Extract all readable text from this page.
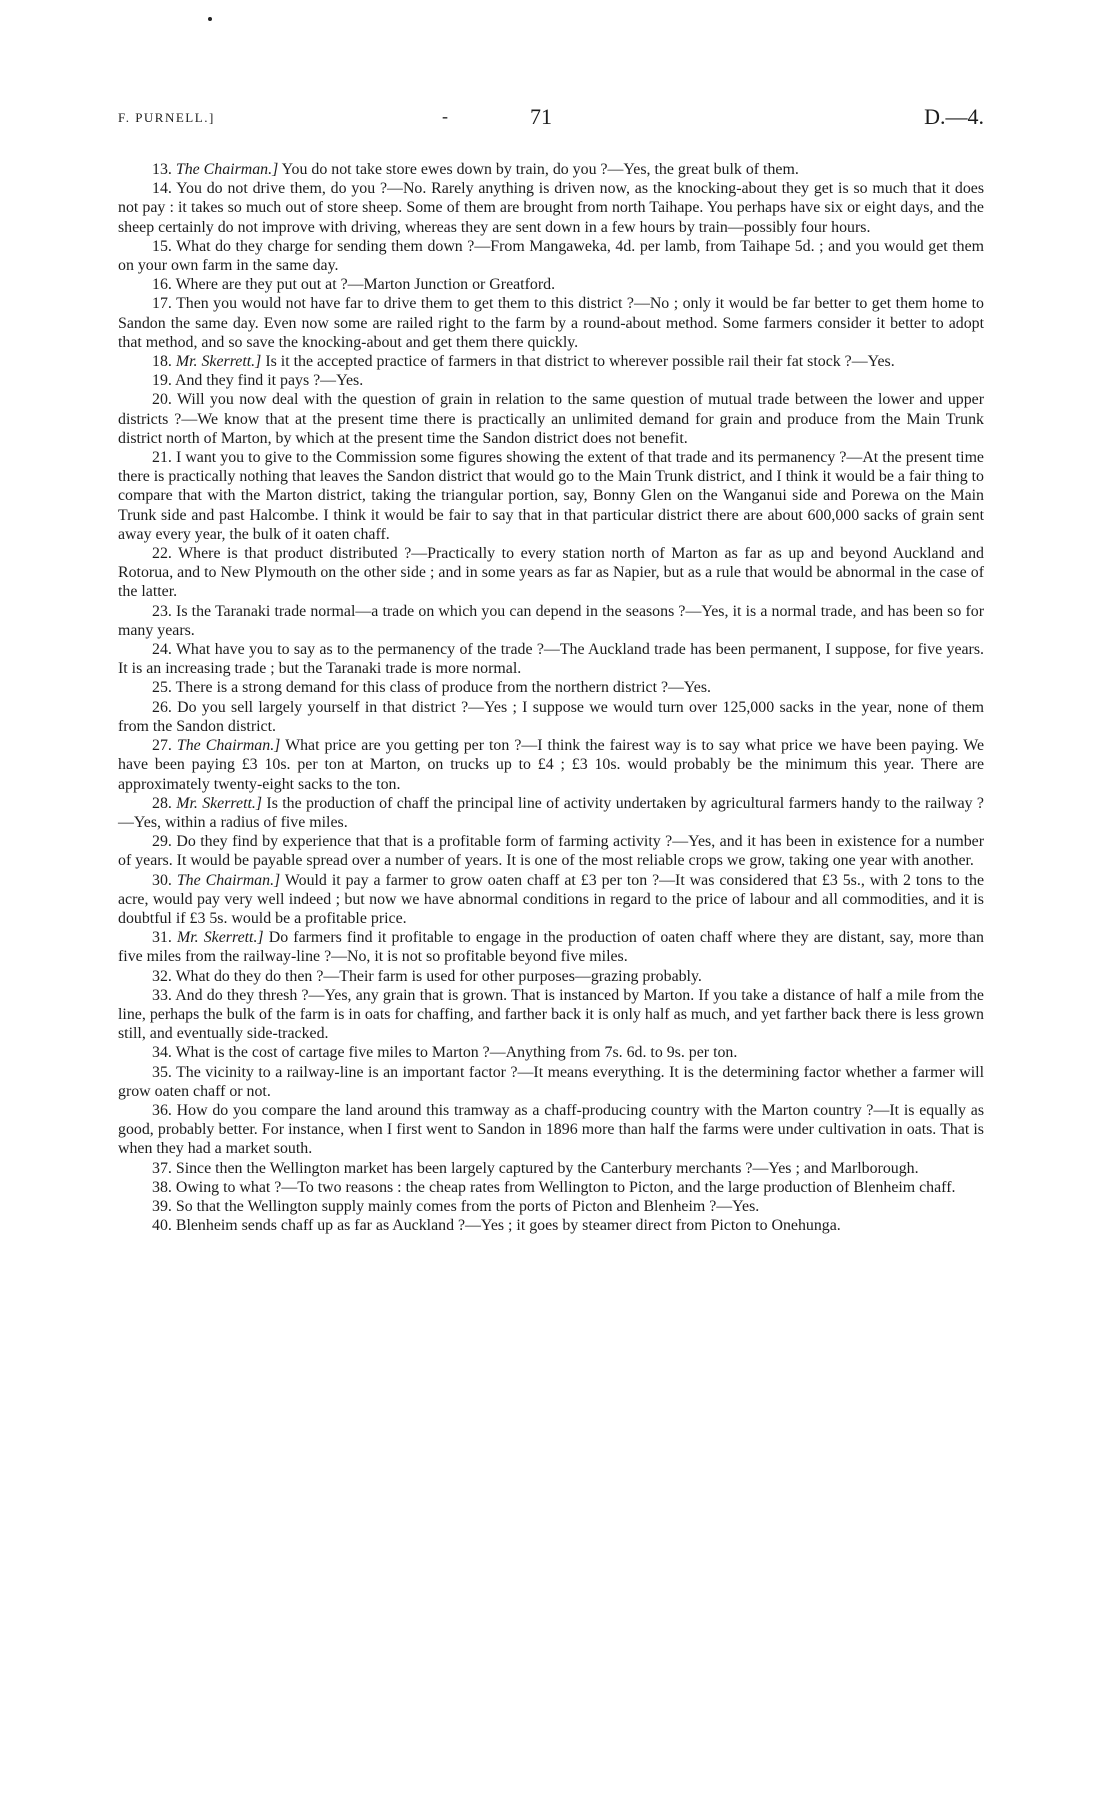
F. PURNELL.]	-	71	D.—4.

13. The Chairman.] You do not take store ewes down by train, do you ?—Yes, the great bulk of them.

14. You do not drive them, do you ?—No. Rarely anything is driven now, as the knocking-about they get is so much that it does not pay : it takes so much out of store sheep. Some of them are brought from north Taihape. You perhaps have six or eight days, and the sheep certainly do not improve with driving, whereas they are sent down in a few hours by train—possibly four hours.

15. What do they charge for sending them down ?—From Mangaweka, 4d. per lamb, from Taihape 5d. ; and you would get them on your own farm in the same day.

16. Where are they put out at ?—Marton Junction or Greatford.

17. Then you would not have far to drive them to get them to this district ?—No ; only it would be far better to get them home to Sandon the same day. Even now some are railed right to the farm by a round-about method. Some farmers consider it better to adopt that method, and so save the knocking-about and get them there quickly.

18. Mr. Skerrett.] Is it the accepted practice of farmers in that district to wherever possible rail their fat stock ?—Yes.

19. And they find it pays ?—Yes.

20. Will you now deal with the question of grain in relation to the same question of mutual trade between the lower and upper districts ?—We know that at the present time there is practically an unlimited demand for grain and produce from the Main Trunk district north of Marton, by which at the present time the Sandon district does not benefit.

21. I want you to give to the Commission some figures showing the extent of that trade and its permanency ?—At the present time there is practically nothing that leaves the Sandon district that would go to the Main Trunk district, and I think it would be a fair thing to compare that with the Marton district, taking the triangular portion, say, Bonny Glen on the Wanganui side and Porewa on the Main Trunk side and past Halcombe. I think it would be fair to say that in that particular district there are about 600,000 sacks of grain sent away every year, the bulk of it oaten chaff.

22. Where is that product distributed ?—Practically to every station north of Marton as far as up and beyond Auckland and Rotorua, and to New Plymouth on the other side ; and in some years as far as Napier, but as a rule that would be abnormal in the case of the latter.

23. Is the Taranaki trade normal—a trade on which you can depend in the seasons ?—Yes, it is a normal trade, and has been so for many years.

24. What have you to say as to the permanency of the trade ?—The Auckland trade has been permanent, I suppose, for five years. It is an increasing trade ; but the Taranaki trade is more normal.

25. There is a strong demand for this class of produce from the northern district ?—Yes.

26. Do you sell largely yourself in that district ?—Yes ; I suppose we would turn over 125,000 sacks in the year, none of them from the Sandon district.

27. The Chairman.] What price are you getting per ton ?—I think the fairest way is to say what price we have been paying. We have been paying £3 10s. per ton at Marton, on trucks up to £4 ; £3 10s. would probably be the minimum this year. There are approximately twenty-eight sacks to the ton.

28. Mr. Skerrett.] Is the production of chaff the principal line of activity undertaken by agricultural farmers handy to the railway ?—Yes, within a radius of five miles.

29. Do they find by experience that that is a profitable form of farming activity ?—Yes, and it has been in existence for a number of years. It would be payable spread over a number of years. It is one of the most reliable crops we grow, taking one year with another.

30. The Chairman.] Would it pay a farmer to grow oaten chaff at £3 per ton ?—It was considered that £3 5s., with 2 tons to the acre, would pay very well indeed ; but now we have abnormal conditions in regard to the price of labour and all commodities, and it is doubtful if £3 5s. would be a profitable price.

31. Mr. Skerrett.] Do farmers find it profitable to engage in the production of oaten chaff where they are distant, say, more than five miles from the railway-line ?—No, it is not so profitable beyond five miles.

32. What do they do then ?—Their farm is used for other purposes—grazing probably.

33. And do they thresh ?—Yes, any grain that is grown. That is instanced by Marton. If you take a distance of half a mile from the line, perhaps the bulk of the farm is in oats for chaffing, and farther back it is only half as much, and yet farther back there is less grown still, and eventually side-tracked.

34. What is the cost of cartage five miles to Marton ?—Anything from 7s. 6d. to 9s. per ton.

35. The vicinity to a railway-line is an important factor ?—It means everything. It is the determining factor whether a farmer will grow oaten chaff or not.

36. How do you compare the land around this tramway as a chaff-producing country with the Marton country ?—It is equally as good, probably better. For instance, when I first went to Sandon in 1896 more than half the farms were under cultivation in oats. That is when they had a market south.

37. Since then the Wellington market has been largely captured by the Canterbury merchants ?—Yes ; and Marlborough.

38. Owing to what ?—To two reasons : the cheap rates from Wellington to Picton, and the large production of Blenheim chaff.

39. So that the Wellington supply mainly comes from the ports of Picton and Blenheim ?—Yes.

40. Blenheim sends chaff up as far as Auckland ?—Yes ; it goes by steamer direct from Picton to Onehunga.
